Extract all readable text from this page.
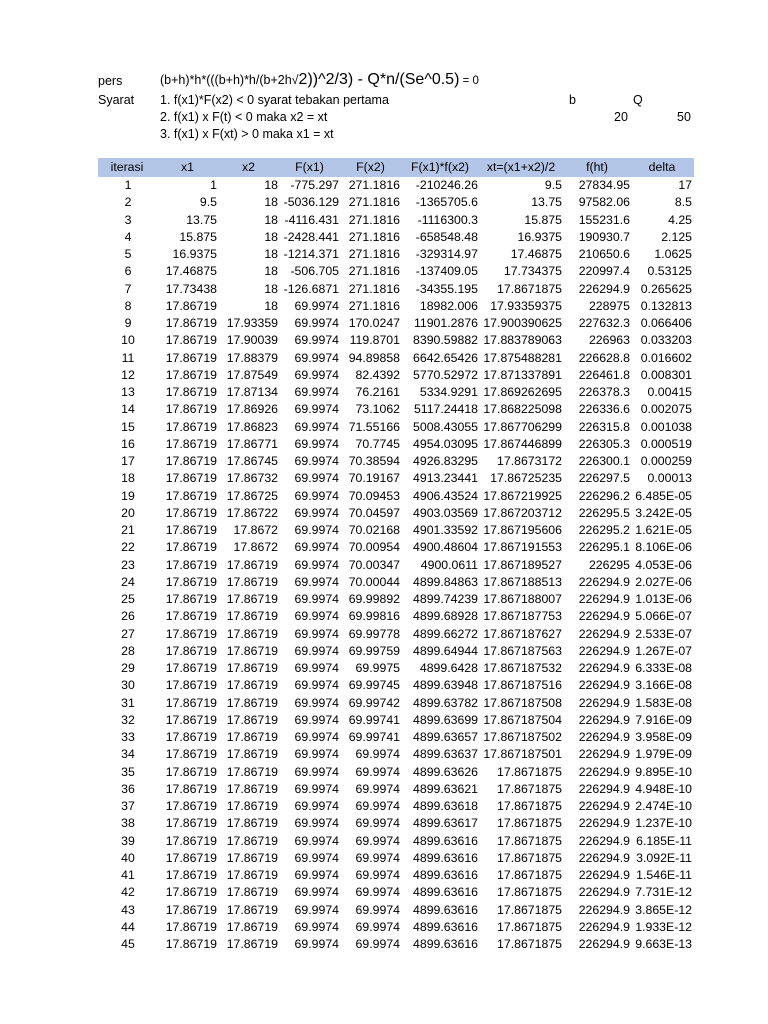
pers	(b+h)*h*(((b+h)*h/(b+2h√2))^2/3) - Q*n/(Se^0.5) = 0
Syarat 1. f(x1)*F(x2) < 0 syarat tebakan pertama
2. f(x1) x F(t) < 0 maka x2 = xt
3. f(x1) x F(xt) > 0 maka x1 = xt
b	Q
20	50
iterasi	x1	x2	F(x1)	F(x2)	F(x1)*f(x2)	xt=(x1+x2)/2	f(ht)	delta
1	1	18	-775.297	271.1816	-210246.26	9.5	27834.95	17
2	9.5	18	-5036.129	271.1816	-1365705.6	13.75	97582.06	8.5
3	13.75	18	-4116.431	271.1816	-1116300.3	15.875	155231.6	4.25
4	15.875	18	-2428.441	271.1816	-658548.48	16.9375	190930.7	2.125
5	16.9375	18	-1214.371	271.1816	-329314.97	17.46875	210650.6	1.0625
6	17.46875	18	-506.705	271.1816	-137409.05	17.734375	220997.4	0.53125
7	17.73438	18	-126.6871	271.1816	-34355.195	17.8671875	226294.9	0.265625
8	17.86719	18	69.9974	271.1816	18982.006	17.93359375	228975	0.132813
9	17.86719	17.93359	69.9974	170.0247	11901.2876	17.900390625	227632.3	0.066406
10	17.86719	17.90039	69.9974	119.8701	8390.59882	17.883789063	226963	0.033203
11	17.86719	17.88379	69.9974	94.89858	6642.65426	17.875488281	226628.8	0.016602
12	17.86719	17.87549	69.9974	82.4392	5770.52972	17.871337891	226461.8	0.008301
13	17.86719	17.87134	69.9974	76.2161	5334.9291	17.869262695	226378.3	0.00415
14	17.86719	17.86926	69.9974	73.1062	5117.24418	17.868225098	226336.6	0.002075
15	17.86719	17.86823	69.9974	71.55166	5008.43055	17.867706299	226315.8	0.001038
16	17.86719	17.86771	69.9974	70.7745	4954.03095	17.867446899	226305.3	0.000519
17	17.86719	17.86745	69.9974	70.38594	4926.83295	17.8673172	226300.1	0.000259
18	17.86719	17.86732	69.9974	70.19167	4913.23441	17.86725235	226297.5	0.00013
19	17.86719	17.86725	69.9974	70.09453	4906.43524	17.867219925	226296.2	6.485E-05
20	17.86719	17.86722	69.9974	70.04597	4903.03569	17.867203712	226295.5	3.242E-05
21	17.86719	17.8672	69.9974	70.02168	4901.33592	17.867195606	226295.2	1.621E-05
22	17.86719	17.8672	69.9974	70.00954	4900.48604	17.867191553	226295.1	8.106E-06
23	17.86719	17.86719	69.9974	70.00347	4900.0611	17.867189527	226295	4.053E-06
24	17.86719	17.86719	69.9974	70.00044	4899.84863	17.867188513	226294.9	2.027E-06
25	17.86719	17.86719	69.9974	69.99892	4899.74239	17.867188007	226294.9	1.013E-06
26	17.86719	17.86719	69.9974	69.99816	4899.68928	17.867187753	226294.9	5.066E-07
27	17.86719	17.86719	69.9974	69.99778	4899.66272	17.867187627	226294.9	2.533E-07
28	17.86719	17.86719	69.9974	69.99759	4899.64944	17.867187563	226294.9	1.267E-07
29	17.86719	17.86719	69.9974	69.9975	4899.6428	17.867187532	226294.9	6.333E-08
30	17.86719	17.86719	69.9974	69.99745	4899.63948	17.867187516	226294.9	3.166E-08
31	17.86719	17.86719	69.9974	69.99742	4899.63782	17.867187508	226294.9	1.583E-08
32	17.86719	17.86719	69.9974	69.99741	4899.63699	17.867187504	226294.9	7.916E-09
33	17.86719	17.86719	69.9974	69.99741	4899.63657	17.867187502	226294.9	3.958E-09
34	17.86719	17.86719	69.9974	69.9974	4899.63637	17.867187501	226294.9	1.979E-09
35	17.86719	17.86719	69.9974	69.9974	4899.63626	17.8671875	226294.9	9.895E-10
36	17.86719	17.86719	69.9974	69.9974	4899.63621	17.8671875	226294.9	4.948E-10
37	17.86719	17.86719	69.9974	69.9974	4899.63618	17.8671875	226294.9	2.474E-10
38	17.86719	17.86719	69.9974	69.9974	4899.63617	17.8671875	226294.9	1.237E-10
39	17.86719	17.86719	69.9974	69.9974	4899.63616	17.8671875	226294.9	6.185E-11
40	17.86719	17.86719	69.9974	69.9974	4899.63616	17.8671875	226294.9	3.092E-11
41	17.86719	17.86719	69.9974	69.9974	4899.63616	17.8671875	226294.9	1.546E-11
42	17.86719	17.86719	69.9974	69.9974	4899.63616	17.8671875	226294.9	7.731E-12
43	17.86719	17.86719	69.9974	69.9974	4899.63616	17.8671875	226294.9	3.865E-12
44	17.86719	17.86719	69.9974	69.9974	4899.63616	17.8671875	226294.9	1.933E-12
45	17.86719	17.86719	69.9974	69.9974	4899.63616	17.8671875	226294.9	9.663E-13
